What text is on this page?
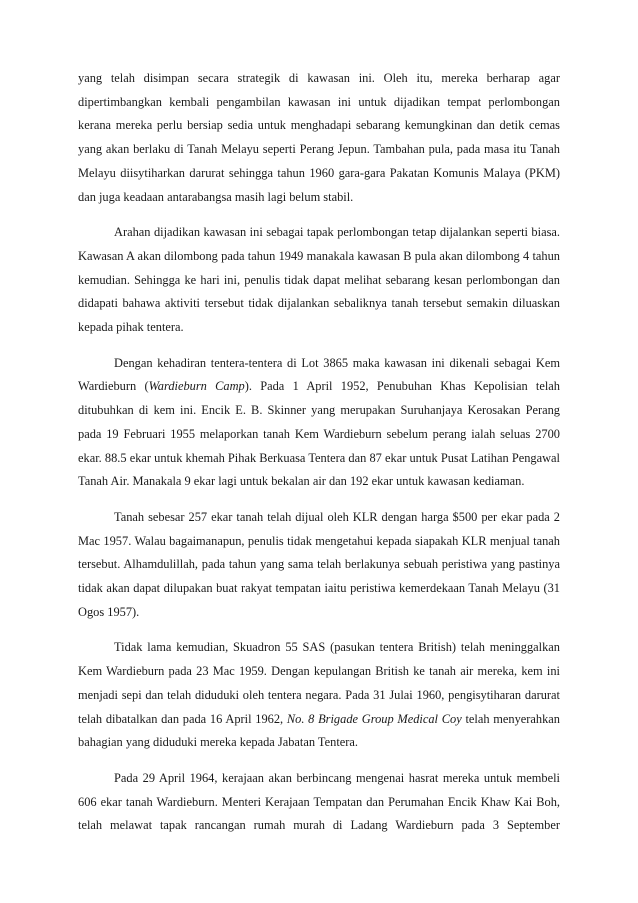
yang telah disimpan secara strategik di kawasan ini. Oleh itu, mereka berharap agar dipertimbangkan kembali pengambilan kawasan ini untuk dijadikan tempat perlombongan kerana mereka perlu bersiap sedia untuk menghadapi sebarang kemungkinan dan detik cemas yang akan berlaku di Tanah Melayu seperti Perang Jepun. Tambahan pula, pada masa itu Tanah Melayu diisytiharkan darurat sehingga tahun 1960 gara-gara Pakatan Komunis Malaya (PKM) dan juga keadaan antarabangsa masih lagi belum stabil.

Arahan dijadikan kawasan ini sebagai tapak perlombongan tetap dijalankan seperti biasa. Kawasan A akan dilombong pada tahun 1949 manakala kawasan B pula akan dilombong 4 tahun kemudian. Sehingga ke hari ini, penulis tidak dapat melihat sebarang kesan perlombongan dan didapati bahawa aktiviti tersebut tidak dijalankan sebaliknya tanah tersebut semakin diluaskan kepada pihak tentera.

Dengan kehadiran tentera-tentera di Lot 3865 maka kawasan ini dikenali sebagai Kem Wardieburn (Wardieburn Camp). Pada 1 April 1952, Penubuhan Khas Kepolisian telah ditubuhkan di kem ini. Encik E. B. Skinner yang merupakan Suruhanjaya Kerosakan Perang pada 19 Februari 1955 melaporkan tanah Kem Wardieburn sebelum perang ialah seluas 2700 ekar. 88.5 ekar untuk khemah Pihak Berkuasa Tentera dan 87 ekar untuk Pusat Latihan Pengawal Tanah Air. Manakala 9 ekar lagi untuk bekalan air dan 192 ekar untuk kawasan kediaman.

Tanah sebesar 257 ekar tanah telah dijual oleh KLR dengan harga $500 per ekar pada 2 Mac 1957. Walau bagaimanapun, penulis tidak mengetahui kepada siapakah KLR menjual tanah tersebut. Alhamdulillah, pada tahun yang sama telah berlakunya sebuah peristiwa yang pastinya tidak akan dapat dilupakan buat rakyat tempatan iaitu peristiwa kemerdekaan Tanah Melayu (31 Ogos 1957).

Tidak lama kemudian, Skuadron 55 SAS (pasukan tentera British) telah meninggalkan Kem Wardieburn pada 23 Mac 1959. Dengan kepulangan British ke tanah air mereka, kem ini menjadi sepi dan telah diduduki oleh tentera negara. Pada 31 Julai 1960, pengisytiharan darurat telah dibatalkan dan pada 16 April 1962, No. 8 Brigade Group Medical Coy telah menyerahkan bahagian yang diduduki mereka kepada Jabatan Tentera.

Pada 29 April 1964, kerajaan akan berbincang mengenai hasrat mereka untuk membeli 606 ekar tanah Wardieburn. Menteri Kerajaan Tempatan dan Perumahan Encik Khaw Kai Boh, telah melawat tapak rancangan rumah murah di Ladang Wardieburn pada 3 September
